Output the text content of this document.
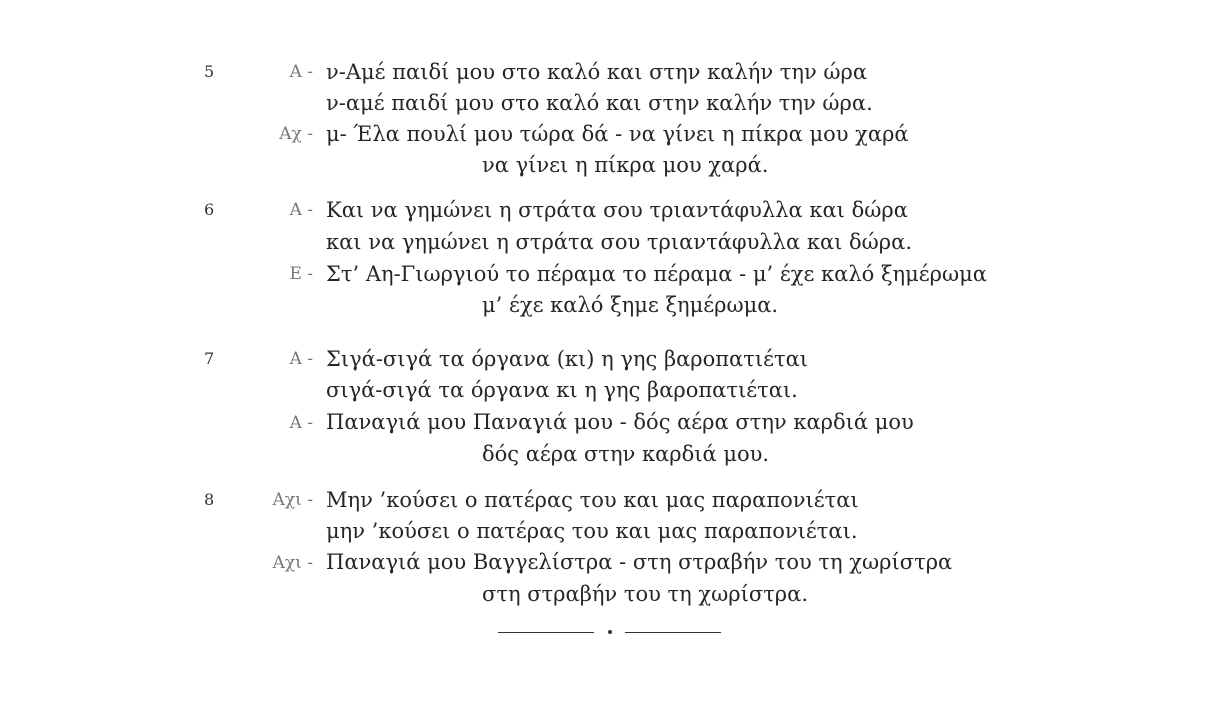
5	Α - ν-Αμέ παιδί μου στο καλό και στην καλήν την ώρα
ν-αμέ παιδί μου στο καλό και στην καλήν την ώρα.
Αχ - μ- Έλα πουλί μου τώρα δά - να γίνει η πίκρα μου χαρά
να γίνει η πίκρα μου χαρά.
6	Α - Και να γημώνει η στράτα σου τριαντάφυλλα και δώρα
και να γημώνει η στράτα σου τριαντάφυλλα και δώρα.
Ε - Στ’ Αη-Γιωργιού το πέραμα το πέραμα - μ’ έχε καλό ξημέρωμα
μ’ έχε καλό ξημε ξημέρωμα.
7	Α - Σιγά-σιγά τα όργανα (κι) η γης βαροπατιέται
σιγά-σιγά τα όργανα κι η γης βαροπατιέται.
Α - Παναγιά μου Παναγιά μου - δός αέρα στην καρδιά μου
δός αέρα στην καρδιά μου.
8	Αχι - Μην ’κούσει ο πατέρας του και μας παραπονιέται
μην ’κούσει ο πατέρας του και μας παραπονιέται.
Αχι - Παναγιά μου Βαγγελίστρα - στη στραβήν του τη χωρίστρα
στη στραβήν του τη χωρίστρα.
